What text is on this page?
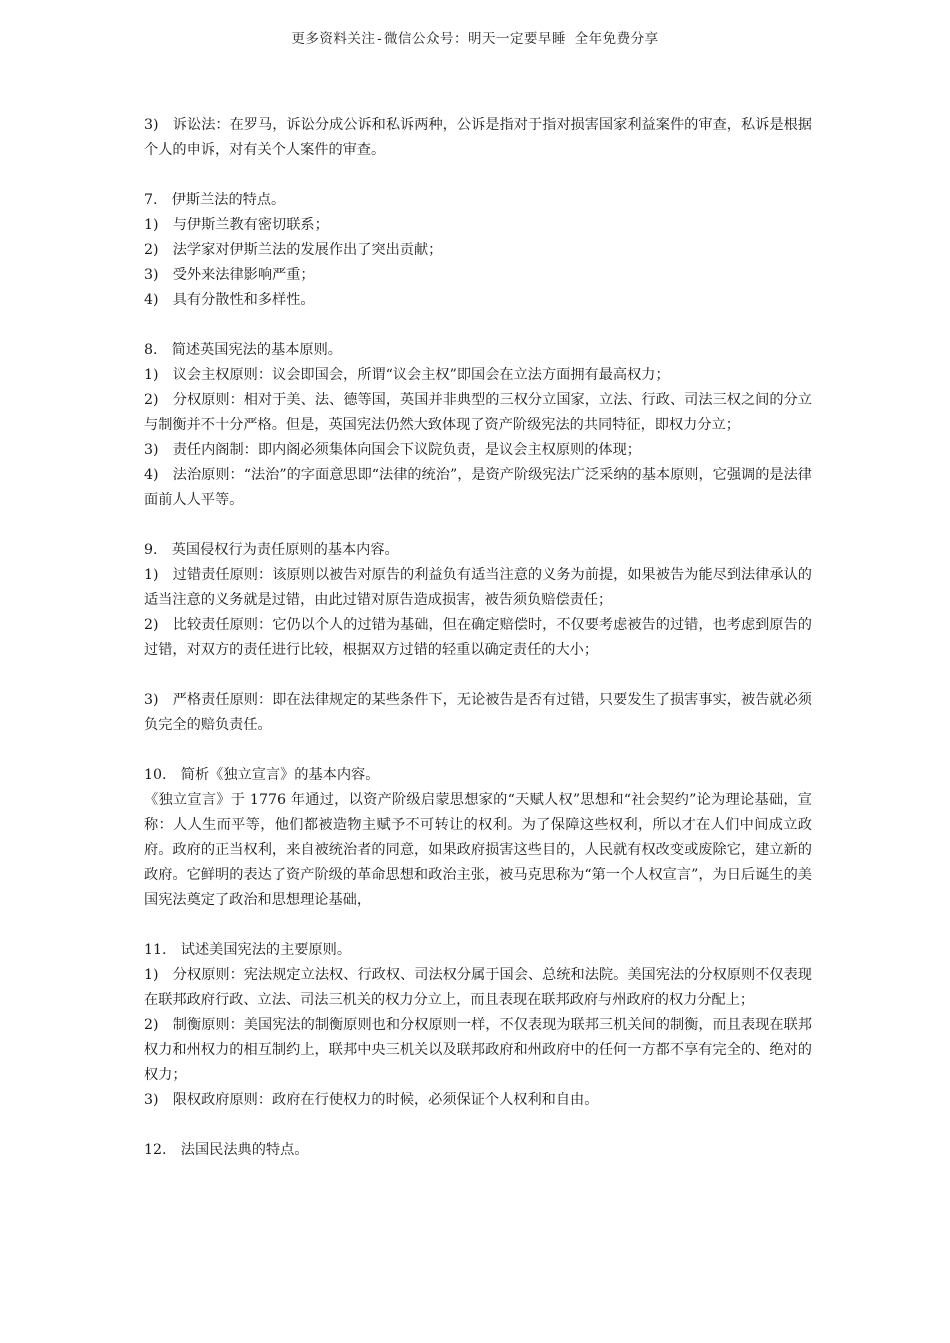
更多资料关注-微信公众号：明天一定要早睡 全年免费分享
3)　诉讼法：在罗马，诉讼分成公诉和私诉两种，公诉是指对于指对损害国家利益案件的审查，私诉是根据个人的申诉，对有关个人案件的审查。
7.　伊斯兰法的特点。
1)　与伊斯兰教有密切联系；
2)　法学家对伊斯兰法的发展作出了突出贡献；
3)　受外来法律影响严重；
4)　具有分散性和多样性。
8.　简述英国宪法的基本原则。
1)　议会主权原则：议会即国会，所谓“议会主权”即国会在立法方面拥有最高权力；
2)　分权原则：相对于美、法、德等国，英国并非典型的三权分立国家，立法、行政、司法三权之间的分立与制衡并不十分严格。但是，英国宪法仍然大致体现了资产阶级宪法的共同特征，即权力分立；
3)　责任内阁制：即内阁必须集体向国会下议院负责，是议会主权原则的体现；
4)　法治原则：“法治”的字面意思即“法律的统治”，是资产阶级宪法广泛采纳的基本原则，它强调的是法律面前人人平等。
9.　英国侵权行为责任原则的基本内容。
1)　过错责任原则：该原则以被告对原告的利益负有适当注意的义务为前提，如果被告为能尽到法律承认的适当注意的义务就是过错，由此过错对原告造成损害，被告须负赔偿责任；
2)　比较责任原则：它仍以个人的过错为基础，但在确定赔偿时，不仅要考虑被告的过错，也考虑到原告的过错，对双方的责任进行比较，根据双方过错的轻重以确定责任的大小；
3)　严格责任原则：即在法律规定的某些条件下，无论被告是否有过错，只要发生了损害事实，被告就必须负完全的赔负责任。
10.　简析《独立宣言》的基本内容。
《独立宣言》于 1776 年通过，以资产阶级启蒙思想家的“天赋人权”思想和“社会契约”论为理论基础，宣称：人人生而平等，他们都被造物主赋予不可转让的权利。为了保障这些权利，所以才在人们中间成立政府。政府的正当权利，来自被统治者的同意，如果政府损害这些目的，人民就有权改变或废除它，建立新的政府。它鲜明的表达了资产阶级的革命思想和政治主张，被马克思称为“第一个人权宣言”，为日后诞生的美国宪法奠定了政治和思想理论基础，
11.　试述美国宪法的主要原则。
1)　分权原则：宪法规定立法权、行政权、司法权分属于国会、总统和法院。美国宪法的分权原则不仅表现在联邦政府行政、立法、司法三机关的权力分立上，而且表现在联邦政府与州政府的权力分配上；
2)　制衡原则：美国宪法的制衡原则也和分权原则一样，不仅表现为联邦三机关间的制衡，而且表现在联邦权力和州权力的相互制约上，联邦中央三机关以及联邦政府和州政府中的任何一方都不享有完全的、绝对的权力；
3)　限权政府原则：政府在行使权力的时候，必须保证个人权利和自由。
12.　法国民法典的特点。
